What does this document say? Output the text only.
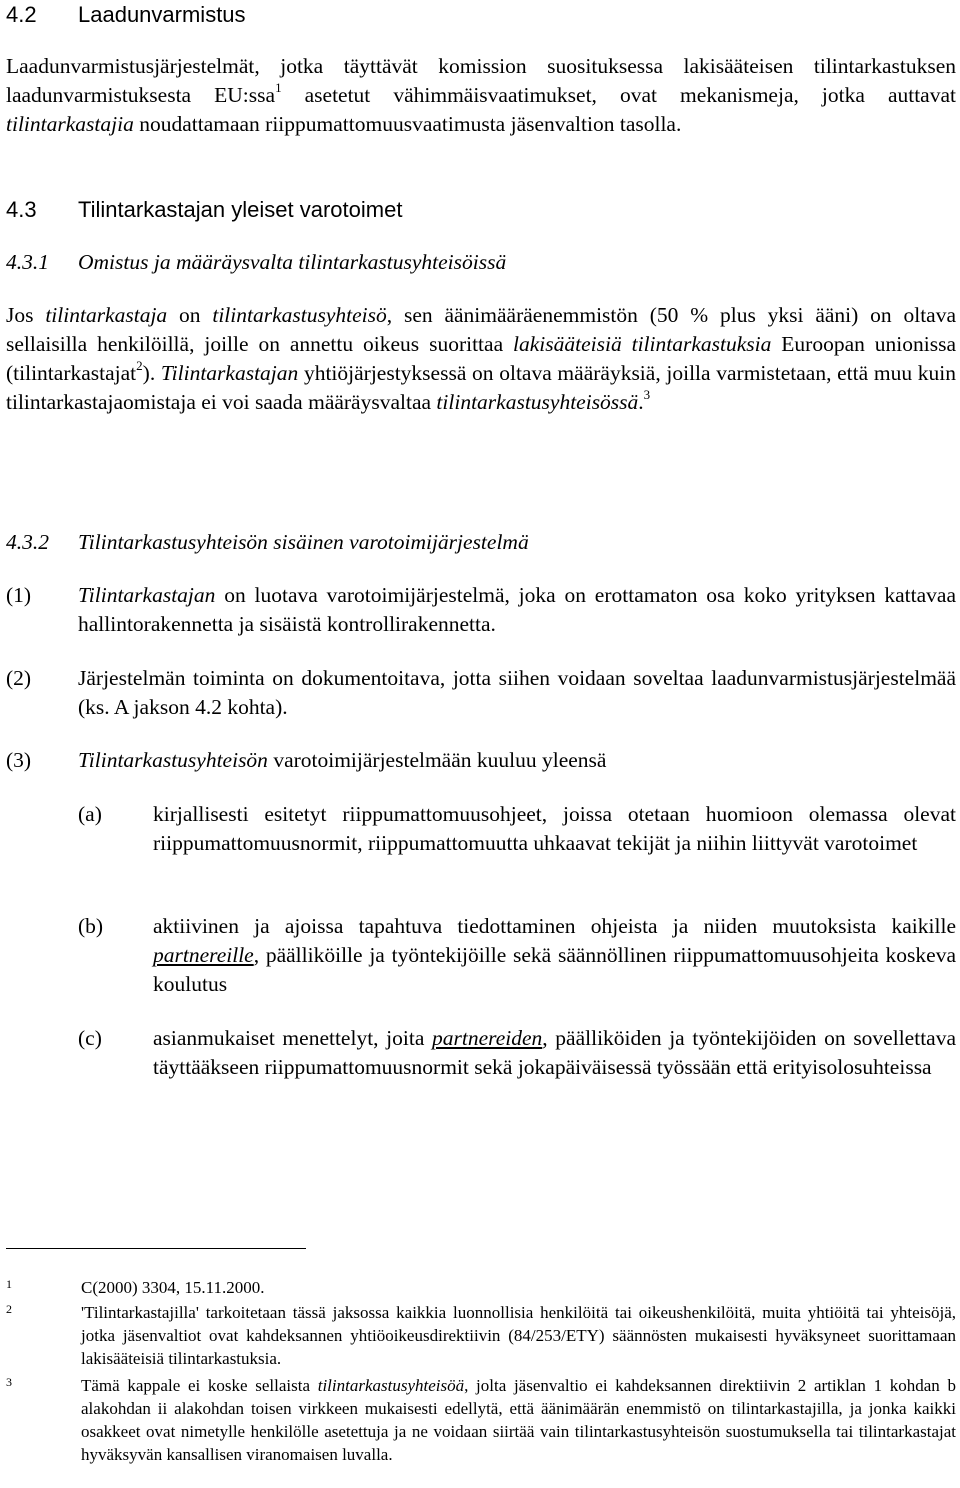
4.2 Laadunvarmistus
Laadunvarmistusjärjestelmät, jotka täyttävät komission suosituksessa lakisääteisen tilintarkastuksen laadunvarmistuksesta EU:ssa$^1$ asetetut vähimmäisvaatimukset, ovat mekanismeja, jotka auttavat tilintarkastajia noudattamaan riippumattomuusvaatimusta jäsenvaltion tasolla.
4.3 Tilintarkastajan yleiset varotoimet
4.3.1 Omistus ja määräysvalta tilintarkastusyhteisöissä
Jos tilintarkastaja on tilintarkastusyhteisö, sen äänimääräenemmistön (50 % plus yksi ääni) on oltava sellaisilla henkilöillä, joille on annettu oikeus suorittaa lakisääteisiä tilintarkastuksia Euroopan unionissa (tilintarkastajat$^2$). Tilintarkastajan yhtiöjärjestyksessä on oltava määräyksiä, joilla varmistetaan, että muu kuin tilintarkastajaomistaja ei voi saada määräysvaltaa tilintarkastusyhteisössä.$^3$
4.3.2 Tilintarkastusyhteisön sisäinen varotoimijärjestelmä
(1) Tilintarkastajan on luotava varotoimijärjestelmä, joka on erottamaton osa koko yrityksen kattavaa hallintorakennetta ja sisäistä kontrollirakennetta.
(2) Järjestelmän toiminta on dokumentoitava, jotta siihen voidaan soveltaa laadunvarmistusjärjestelmää (ks. A jakson 4.2 kohta).
(3) Tilintarkastusyhteisön varotoimijärjestelmään kuuluu yleensä
(a) kirjallisesti esitetyt riippumattomuusohjeet, joissa otetaan huomioon olemassa olevat riippumattomuusnormit, riippumattomuutta uhkaavat tekijät ja niihin liittyvät varotoimet
(b) aktiivinen ja ajoissa tapahtuva tiedottaminen ohjeista ja niiden muutoksista kaikille partnereille, päälliköille ja työntekijöille sekä säännöllinen riippumattomuusohjeita koskeva koulutus
(c) asianmukaiset menettelyt, joita partnereiden, päälliköiden ja työntekijöiden on sovellettava täyttääkseen riippumattomuusnormit sekä jokapäiväisessä työssään että erityisolosuhteissa
1	C(2000) 3304, 15.11.2000.
2	'Tilintarkastajilla' tarkoitetaan tässä jaksossa kaikkia luonnollisia henkilöitä tai oikeushenkilöitä, muita yhtiöitä tai yhteisöjä, jotka jäsenvaltiot ovat kahdeksannen yhtiöoikeusdirektiivin (84/253/ETY) säännösten mukaisesti hyväksyneet suorittamaan lakisääteisiä tilintarkastuksia.
3	Tämä kappale ei koske sellaista tilintarkastusyhteisöä, jolta jäsenvaltio ei kahdeksannen direktiivin 2 artiklan 1 kohdan b alakohdan ii alakohdan toisen virkkeen mukaisesti edellytä, että äänimäärän enemmistö on tilintarkastajilla, ja jonka kaikki osakkeet ovat nimetylle henkilölle asetettuja ja ne voidaan siirtää vain tilintarkastusyhteisön suostumuksella tai tilintarkastajat hyväksyvän kansallisen viranomaisen luvalla.
